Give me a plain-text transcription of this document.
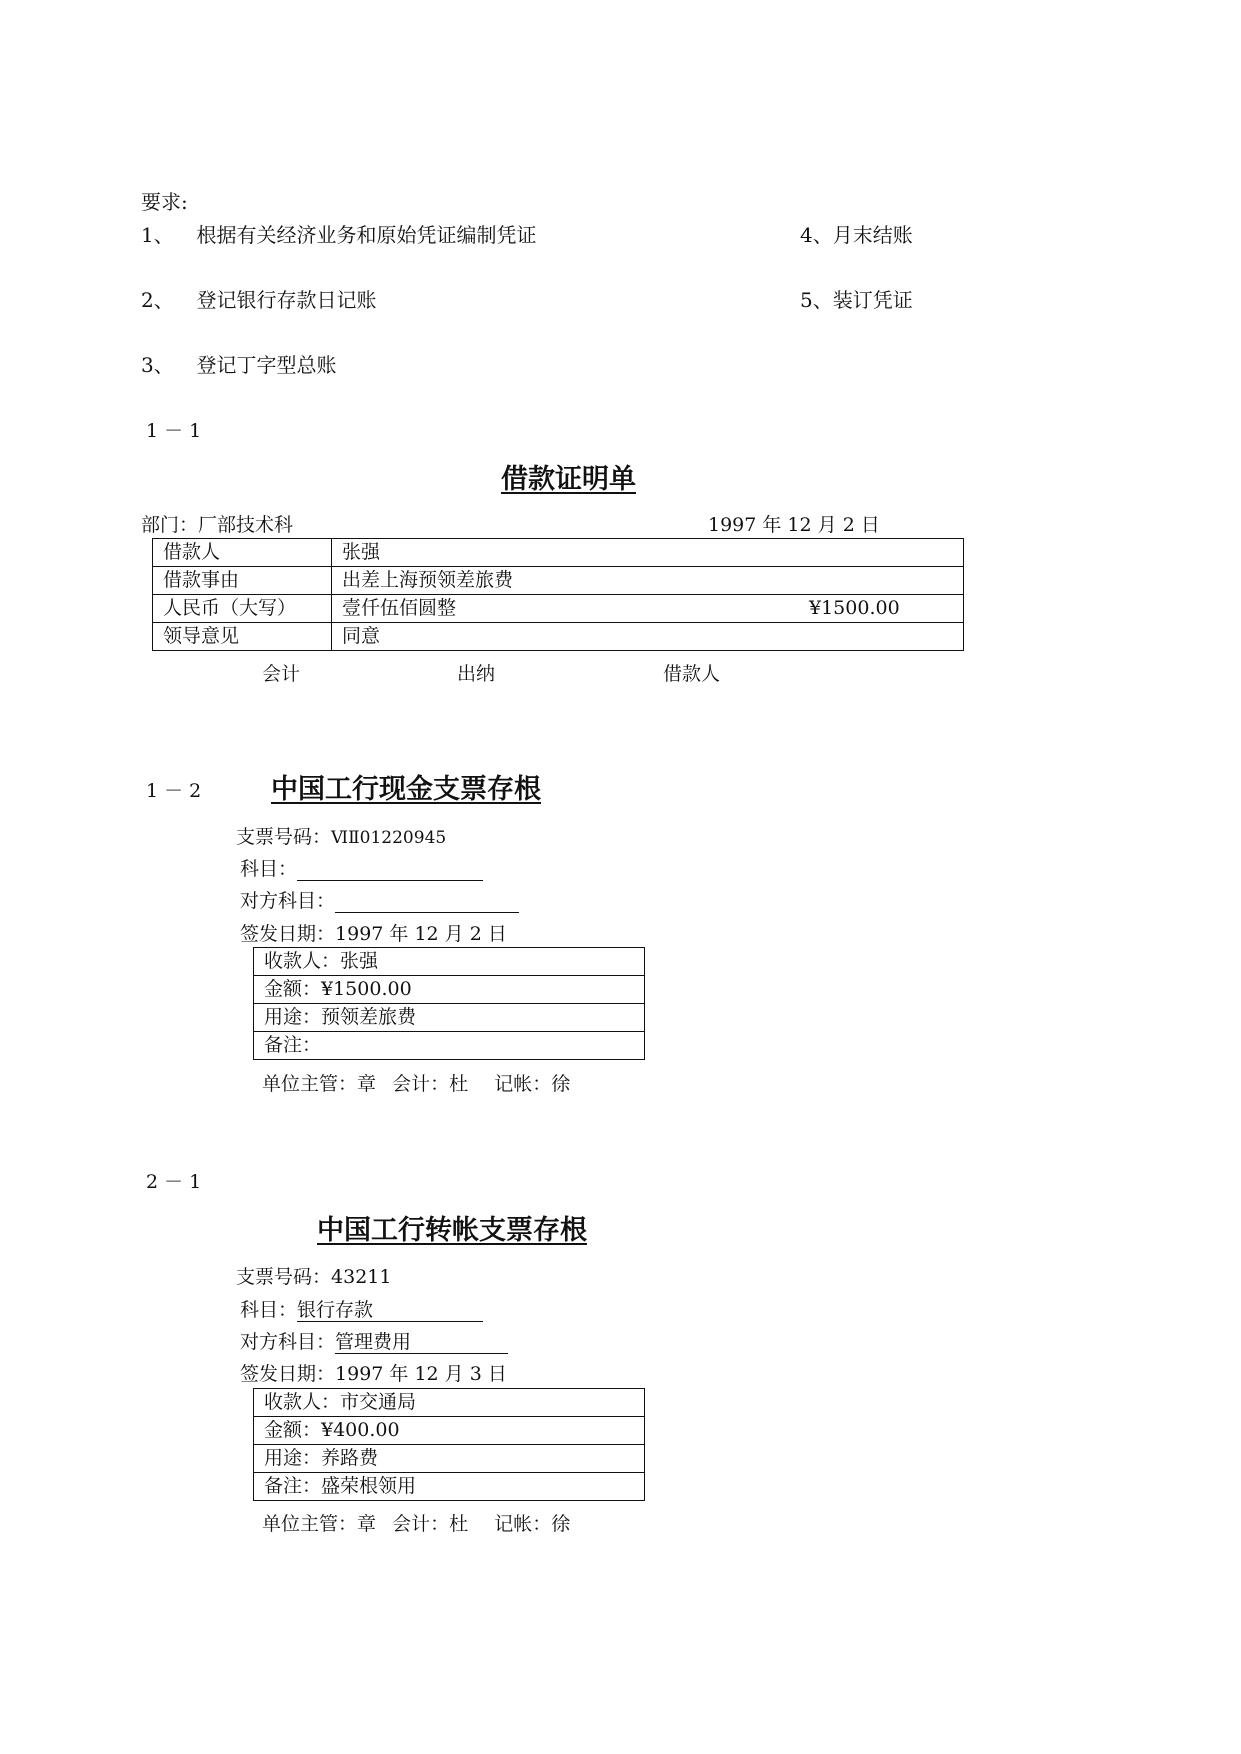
要求:
1、 根据有关经济业务和原始凭证编制凭证
2、 登记银行存款日记账
3、 登记丁字型总账
4、月末结账
5、装订凭证
1 － 1
借款证明单
部门：厂部技术科	1997 年 12 月 2 日
借款人	张强
借款事由	出差上海预领差旅费
人民币（大写）	壹仟伍佰圆整 ¥1500.00

领导意见	同意
会计	出纳	借款人
1 － 2	中国工行现金支票存根
支票号码：ⅥⅡ01220945
科目：
对方科目：
签发日期：1997 年 12 月 2 日
收款人：张强
金额：¥1500.00
用途：预领差旅费
备注：
单位主管：章 会计：杜 记帐：徐
2 － 1
中国工行转帐支票存根
支票号码：43211
科目：银行存款
对方科目：管理费用
签发日期：1997 年 12 月 3 日
收款人：市交通局
金额：¥400.00
用途：养路费
备注：盛荣根领用
单位主管：章 会计：杜 记帐：徐
